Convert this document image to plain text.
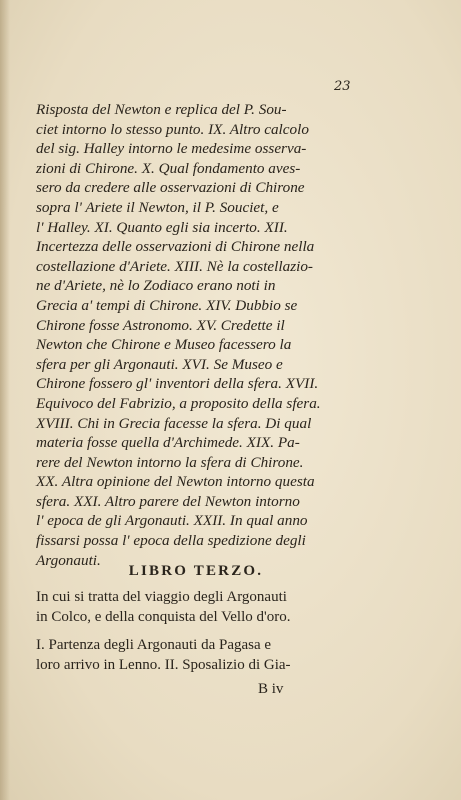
23
Risposta del Newton e replica del P. Sou-
ciet intorno lo stesso punto. IX. Altro calcolo
del sig. Halley intorno le medesime osserva-
zioni di Chirone. X. Qual fondamento aves-
sero da credere alle osservazioni di Chirone
sopra l' Ariete il Newton, il P. Souciet, e
l' Halley. XI. Quanto egli sia incerto. XII.
Incertezza delle osservazioni di Chirone nella
costellazione d'Ariete. XIII. Nè la costellazio-
ne d'Ariete, nè lo Zodiaco erano noti in
Grecia a' tempi di Chirone. XIV. Dubbio se
Chirone fosse Astronomo. XV. Credette il
Newton che Chirone e Museo facessero la
sfera per gli Argonauti. XVI. Se Museo e
Chirone fossero gl' inventori della sfera. XVII.
Equivoco del Fabrizio, a proposito della sfera.
XVIII. Chi in Grecia facesse la sfera. Di qual
materia fosse quella d'Archimede. XIX. Pa-
rere del Newton intorno la sfera di Chirone.
XX. Altra opinione del Newton intorno questa
sfera. XXI. Altro parere del Newton intorno
l' epoca de gli Argonauti. XXII. In qual anno
fissarsi possa l' epoca della spedizione degli
Argonauti.
LIBRO TERZO.
In cui si tratta del viaggio degli Argonauti
in Colco, e della conquista del Vello d'oro.
I. Partenza degli Argonauti da Pagasa e
loro arrivo in Lenno. II. Sposalizio di Gia-
B iv
